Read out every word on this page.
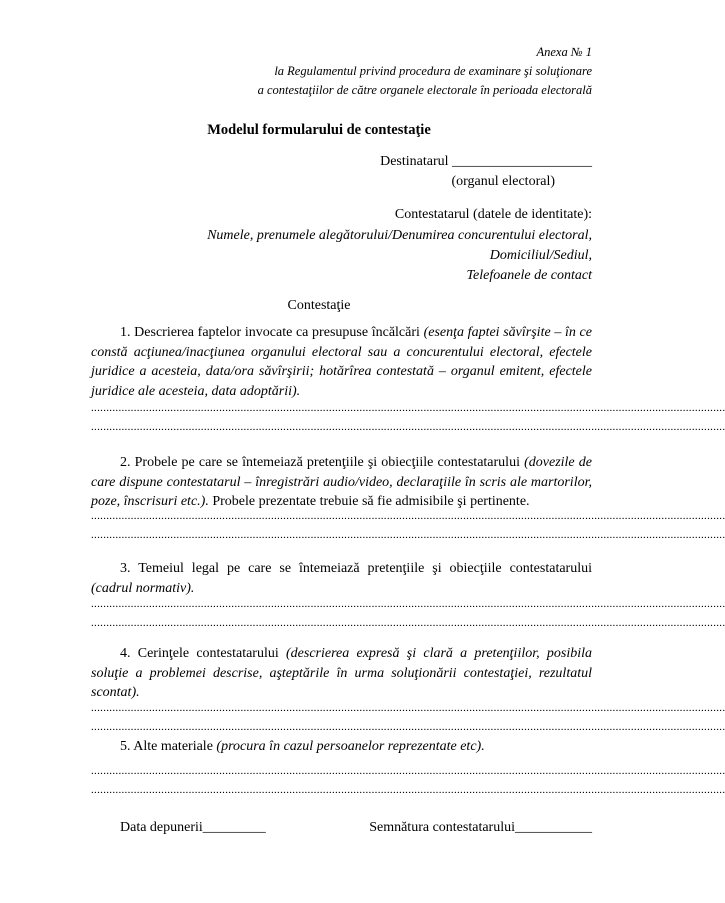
Anexa № 1
la Regulamentul privind procedura de examinare şi soluţionare
a contestaţiilor de către organele electorale în perioada electorală
Modelul formularului de contestaţie
Destinatarul ____________________
(organul electoral)
Contestatarul (datele de identitate):
Numele, prenumele alegătorului/Denumirea concurentului electoral,
Domiciliul/Sediul,
Telefoanele de contact
Contestaţie
1. Descrierea faptelor invocate ca presupuse încălcări (esenţa faptei săvîrşite – în ce constă acţiunea/inacţiunea organului electoral sau a concurentului electoral, efectele juridice a acesteia, data/ora săvîrşirii; hotărîrea contestată – organul emitent, efectele juridice ale acesteia, data adoptării).
................................................................................................................................................................................................................
................................................................................................................................................................................................................
2. Probele pe care se întemeiază pretenţiile şi obiecţiile contestatarului (dovezile de care dispune contestatarul – înregistrări audio/video, declaraţiile în scris ale martorilor, poze, înscrisuri etc.). Probele prezentate trebuie să fie admisibile şi pertinente.
................................................................................................................................................................................................................
................................................................................................................................................................................................................
3. Temeiul legal pe care se întemeiază pretenţiile şi obiecţiile contestatarului (cadrul normativ).
................................................................................................................................................................................................................
................................................................................................................................................................................................................
4. Cerinţele contestatarului (descrierea expresă şi clară a pretenţiilor, posibila soluţie a problemei descrise, aşteptările în urma soluţionării contestaţiei, rezultatul scontat).
................................................................................................................................................................................................................
................................................................................................................................................................................................................
5. Alte materiale (procura în cazul persoanelor reprezentate etc).
................................................................................................................................................................................................................
................................................................................................................................................................................................................
Data depunerii_________	Semnătura contestatarului___________
